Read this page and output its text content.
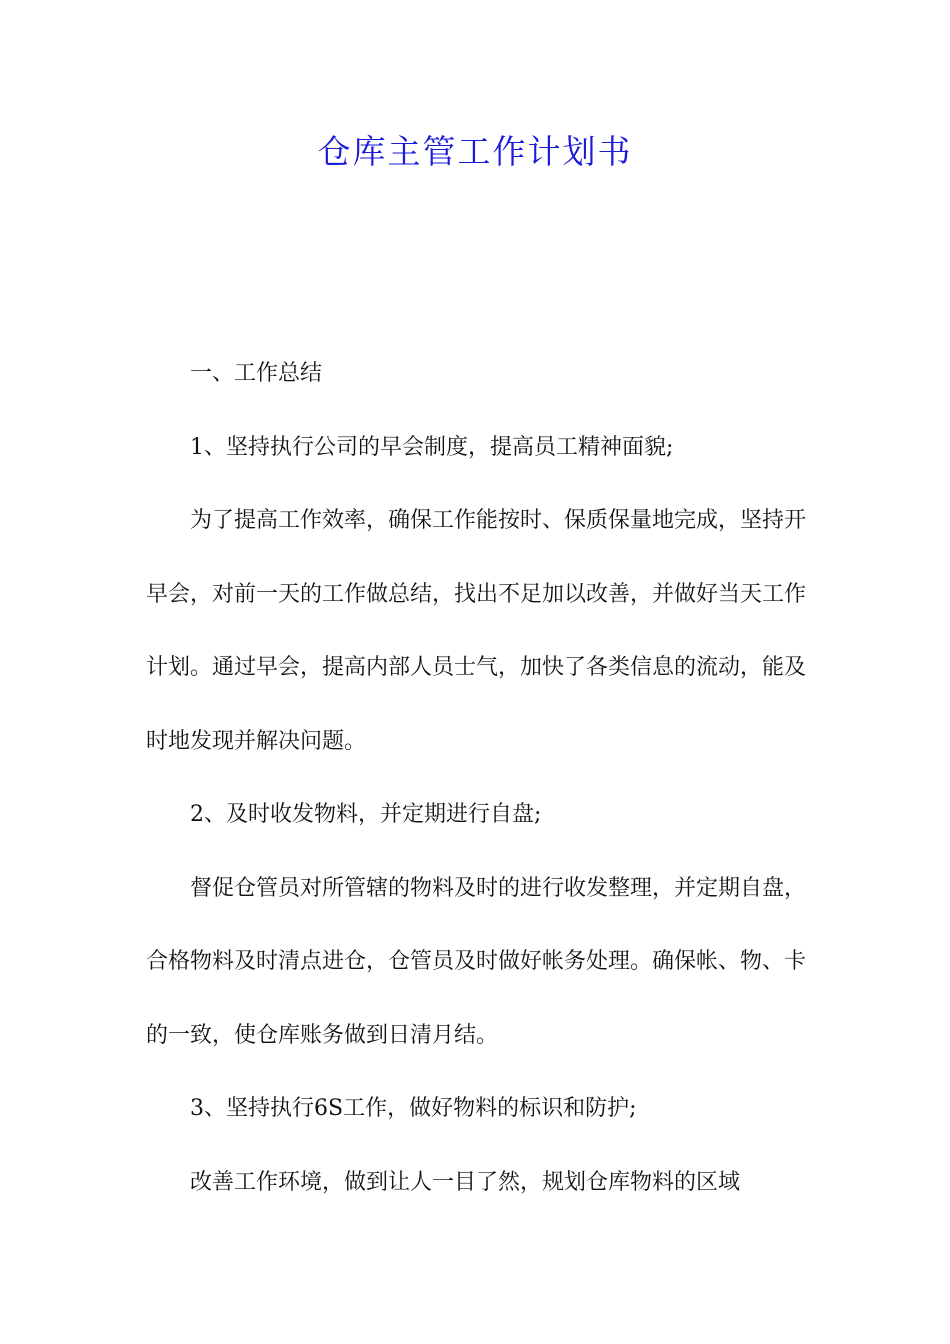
仓库主管工作计划书

一、工作总结

1、坚持执行公司的早会制度，提高员工精神面貌;

为了提高工作效率，确保工作能按时、保质保量地完成，坚持开早会，对前一天的工作做总结，找出不足加以改善，并做好当天工作计划。通过早会，提高内部人员士气，加快了各类信息的流动，能及时地发现并解决问题。

2、及时收发物料，并定期进行自盘;

督促仓管员对所管辖的物料及时的进行收发整理，并定期自盘，合格物料及时清点进仓，仓管员及时做好帐务处理。确保帐、物、卡的一致，使仓库账务做到日清月结。

3、坚持执行6S工作，做好物料的标识和防护;

改善工作环境，做到让人一目了然，规划仓库物料的区域
